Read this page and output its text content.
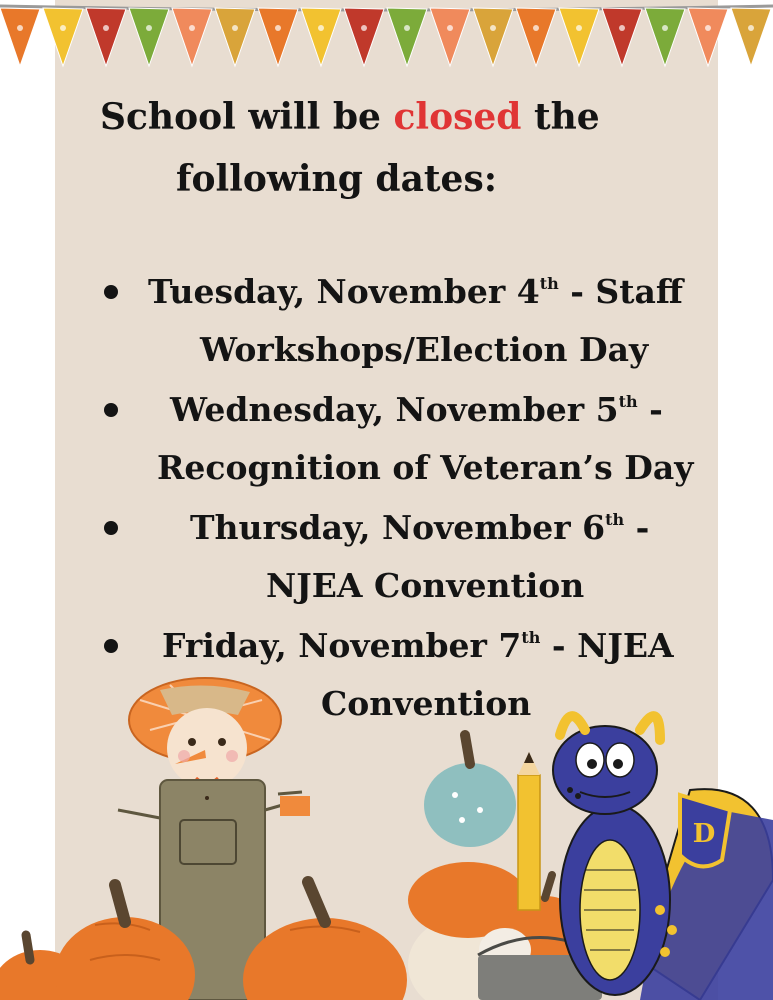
School will be closed the
following dates:
Tuesday, November 4th - Staff
Workshops/Election Day
Wednesday, November 5th -
Recognition of Veteran’s Day
Thursday, November 6th -
NJEA Convention
Friday, November 7th - NJEA
Convention
D
